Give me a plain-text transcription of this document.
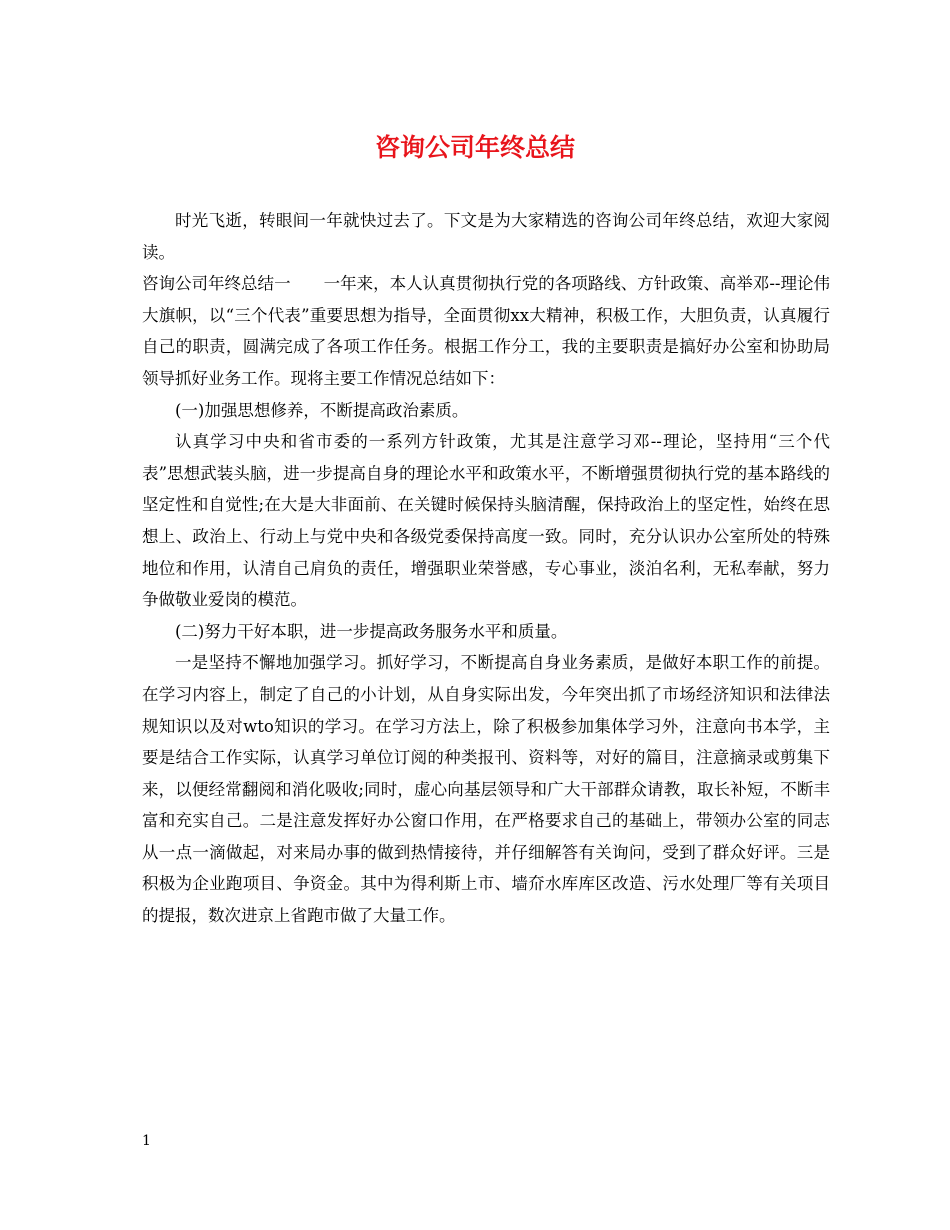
咨询公司年终总结

时光飞逝，转眼间一年就快过去了。下文是为大家精选的咨询公司年终总结，欢迎大家阅读。

咨询公司年终总结一　　一年来，本人认真贯彻执行党的各项路线、方针政策、高举邓--理论伟大旗帜，以“三个代表”重要思想为指导，全面贯彻xx大精神，积极工作，大胆负责，认真履行自己的职责，圆满完成了各项工作任务。根据工作分工，我的主要职责是搞好办公室和协助局领导抓好业务工作。现将主要工作情况总结如下：

(一)加强思想修养，不断提高政治素质。

认真学习中央和省市委的一系列方针政策，尤其是注意学习邓--理论，坚持用“三个代表”思想武装头脑，进一步提高自身的理论水平和政策水平，不断增强贯彻执行党的基本路线的坚定性和自觉性;在大是大非面前、在关键时候保持头脑清醒，保持政治上的坚定性，始终在思想上、政治上、行动上与党中央和各级党委保持高度一致。同时，充分认识办公室所处的特殊地位和作用，认清自己肩负的责任，增强职业荣誉感，专心事业，淡泊名利，无私奉献，努力争做敬业爱岗的模范。

(二)努力干好本职，进一步提高政务服务水平和质量。

一是坚持不懈地加强学习。抓好学习，不断提高自身业务素质，是做好本职工作的前提。在学习内容上，制定了自己的小计划，从自身实际出发，今年突出抓了市场经济知识和法律法规知识以及对wto知识的学习。在学习方法上，除了积极参加集体学习外，注意向书本学，主要是结合工作实际，认真学习单位订阅的种类报刊、资料等，对好的篇目，注意摘录或剪集下来，以便经常翻阅和消化吸收;同时，虚心向基层领导和广大干部群众请教，取长补短，不断丰富和充实自己。二是注意发挥好办公窗口作用，在严格要求自己的基础上，带领办公室的同志从一点一滴做起，对来局办事的做到热情接待，并仔细解答有关询问，受到了群众好评。三是积极为企业跑项目、争资金。其中为得利斯上市、墙夼水库库区改造、污水处理厂等有关项目的提报，数次进京上省跑市做了大量工作。

1
